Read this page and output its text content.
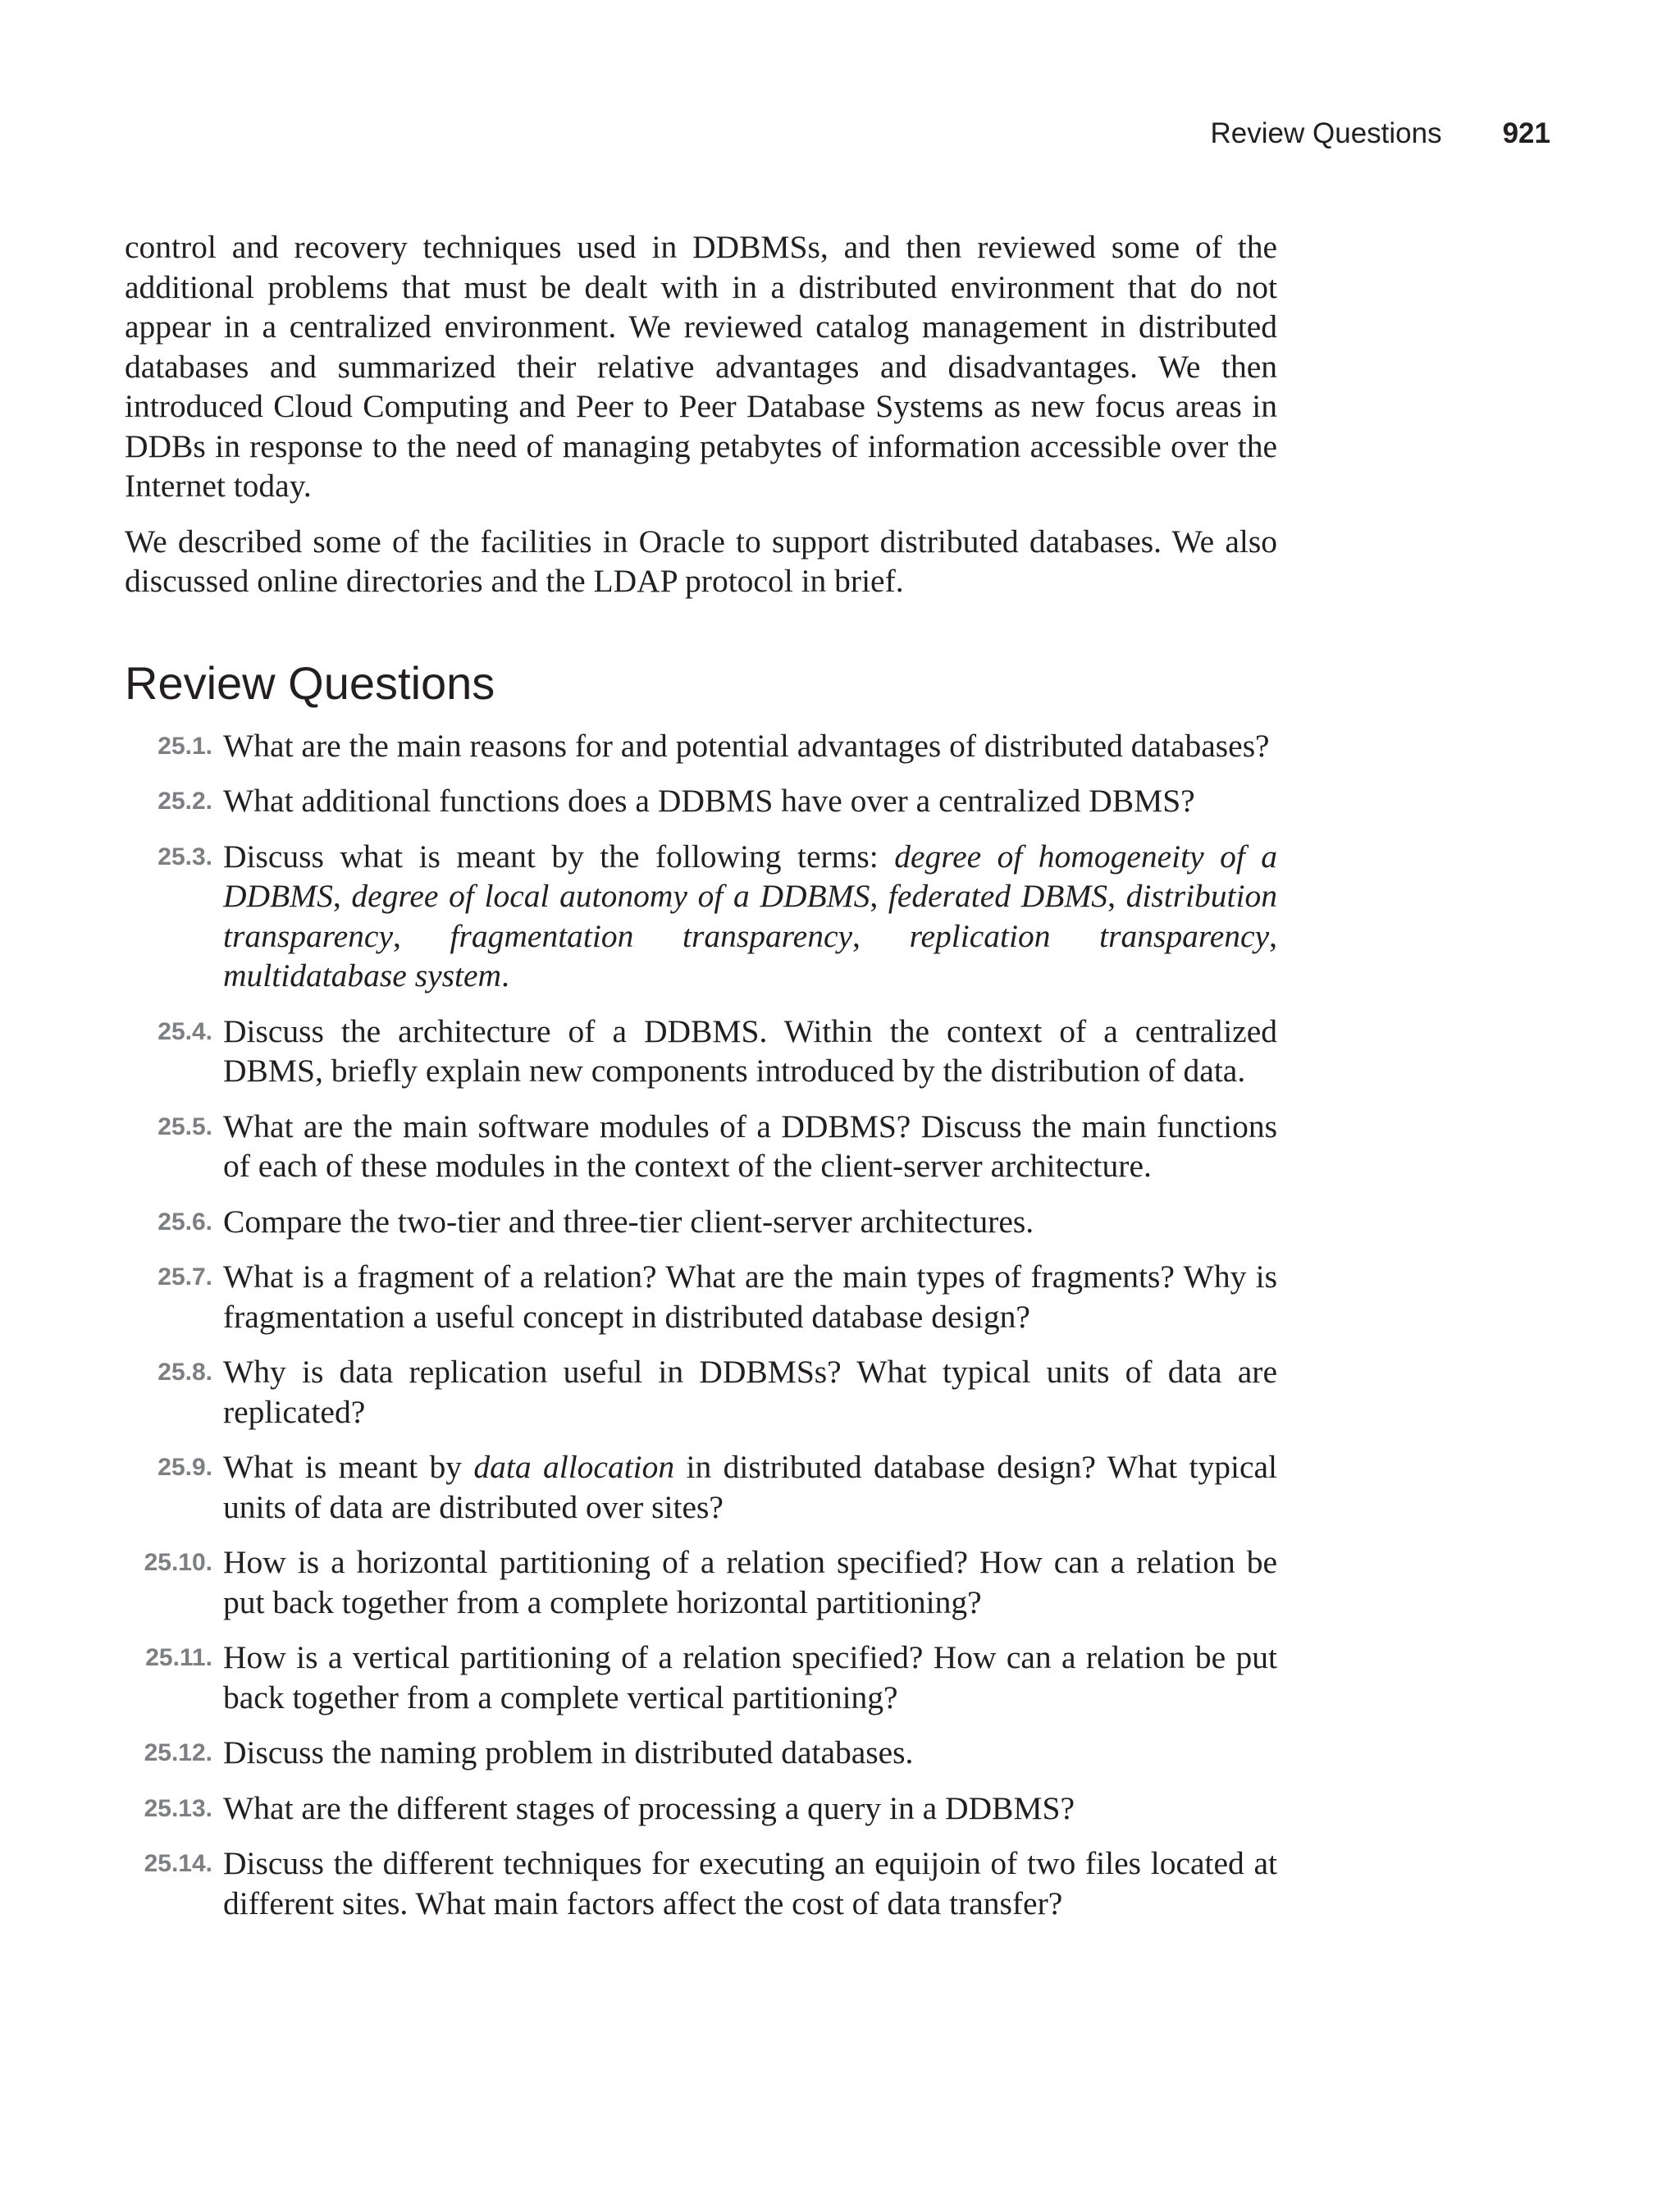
Review Questions 921

control and recovery techniques used in DDBMSs, and then reviewed some of the additional problems that must be dealt with in a distributed environment that do not appear in a centralized environment. We reviewed catalog management in distributed databases and summarized their relative advantages and disadvantages. We then introduced Cloud Computing and Peer to Peer Database Systems as new focus areas in DDBs in response to the need of managing petabytes of information accessible over the Internet today.

We described some of the facilities in Oracle to support distributed databases. We also discussed online directories and the LDAP protocol in brief.

Review Questions
25.1. What are the main reasons for and potential advantages of distributed databases?
25.2. What additional functions does a DDBMS have over a centralized DBMS?
25.3. Discuss what is meant by the following terms: degree of homogeneity of a DDBMS, degree of local autonomy of a DDBMS, federated DBMS, distribution transparency, fragmentation transparency, replication transparency, multidatabase system.
25.4. Discuss the architecture of a DDBMS. Within the context of a centralized DBMS, briefly explain new components introduced by the distribution of data.
25.5. What are the main software modules of a DDBMS? Discuss the main functions of each of these modules in the context of the client-server architecture.
25.6. Compare the two-tier and three-tier client-server architectures.
25.7. What is a fragment of a relation? What are the main types of fragments? Why is fragmentation a useful concept in distributed database design?
25.8. Why is data replication useful in DDBMSs? What typical units of data are replicated?
25.9. What is meant by data allocation in distributed database design? What typical units of data are distributed over sites?
25.10. How is a horizontal partitioning of a relation specified? How can a relation be put back together from a complete horizontal partitioning?
25.11. How is a vertical partitioning of a relation specified? How can a relation be put back together from a complete vertical partitioning?
25.12. Discuss the naming problem in distributed databases.
25.13. What are the different stages of processing a query in a DDBMS?
25.14. Discuss the different techniques for executing an equijoin of two files located at different sites. What main factors affect the cost of data transfer?
